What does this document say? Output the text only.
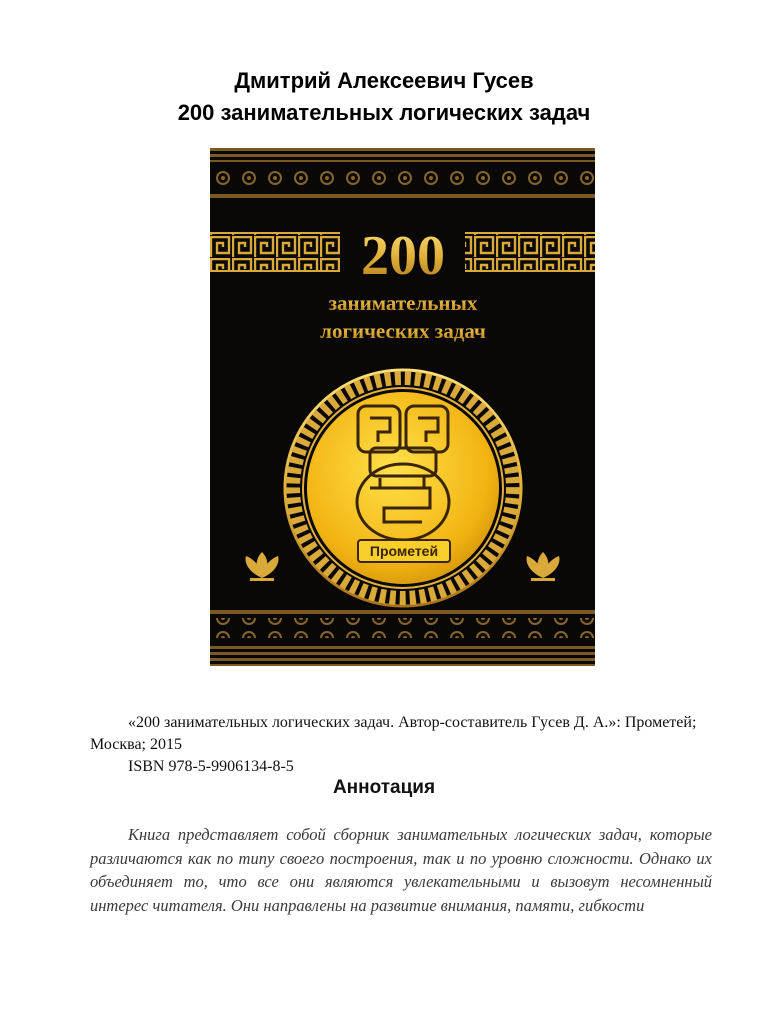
Дмитрий Алексеевич Гусев
200 занимательных логических задач
200
занимательных
логических задач
Прометей
«200 занимательных логических задач. Автор-составитель Гусев Д. А.»: Прометей; Москва; 2015
ISBN 978-5-9906134-8-5
Аннотация
Книга представляет собой сборник занимательных логических задач, которые различаются как по типу своего построения, так и по уровню сложности. Однако их объединяет то, что все они являются увлекательными и вызовут несомненный интерес читателя. Они направлены на развитие внимания, памяти, гибкости
